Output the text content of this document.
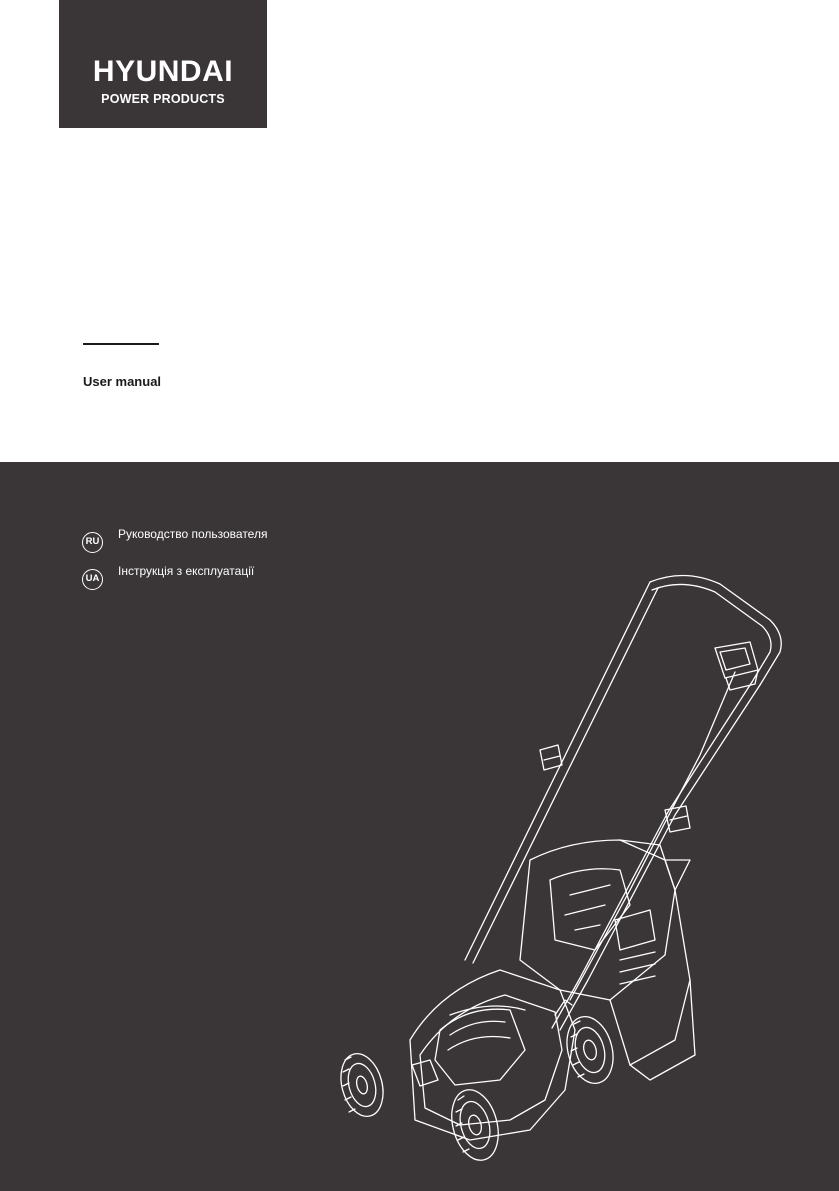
HYUNDAI
POWER PRODUCTS
User manual
RU
Руководство пользователя
UA
Інструкція з експлуатації
